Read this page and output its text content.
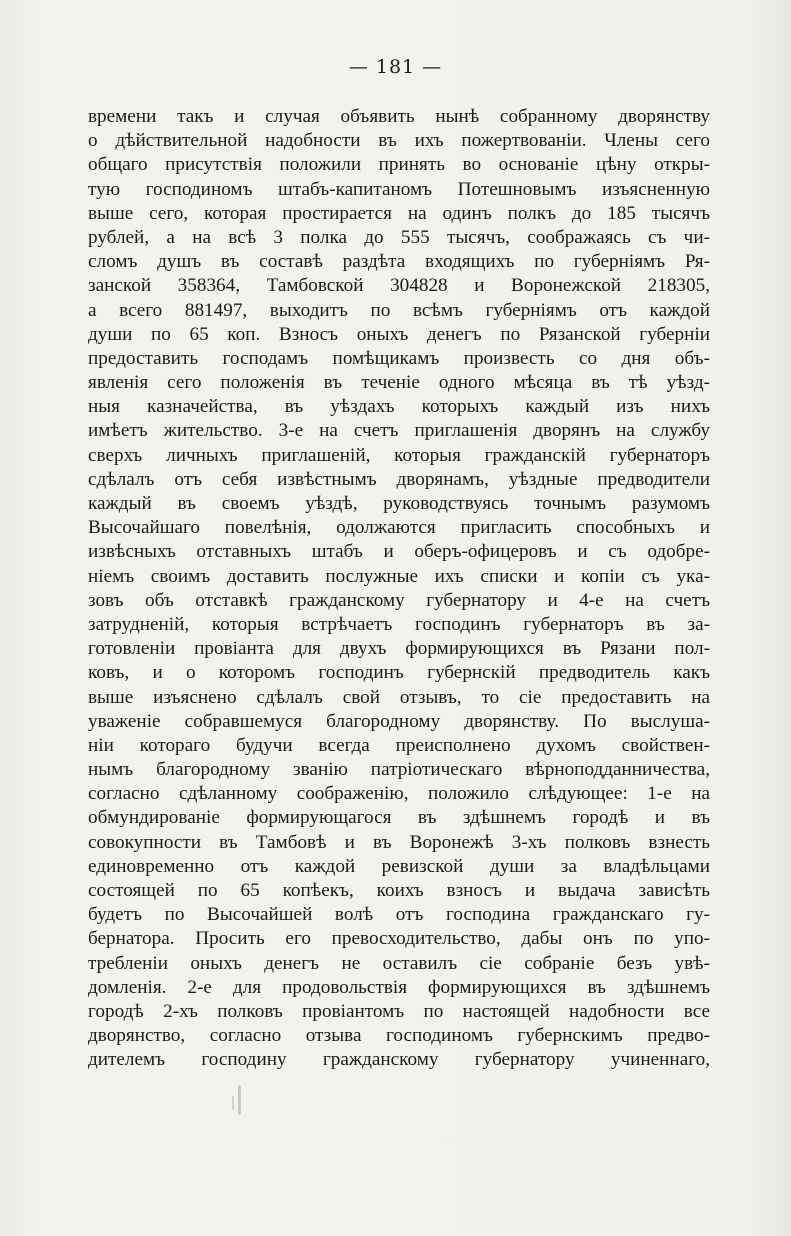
— 181 —
времени такъ и случая объявить нынѣ собранному дворянству
о дѣйствительной надобности въ ихъ пожертвованіи. Члены сего
общаго присутствія положили принять во основаніе цѣну откры-
тую господиномъ штабъ-капитаномъ Потешновымъ изъясненную
выше сего, которая простирается на одинъ полкъ до 185 тысячъ
рублей, а на всѣ 3 полка до 555 тысячъ, соображаясь съ чи-
сломъ душъ въ составѣ раздѣта входящихъ по губерніямъ Ря-
занской 358364, Тамбовской 304828 и Воронежской 218305,
а всего 881497, выходитъ по всѣмъ губерніямъ отъ каждой
души по 65 коп. Взносъ оныхъ денегъ по Рязанской губерніи
предоставить господамъ помѣщикамъ произвесть со дня объ-
явленія сего положенія въ теченіе одного мѣсяца въ тѣ уѣзд-
ныя казначейства, въ уѣздахъ которыхъ каждый изъ нихъ
имѣетъ жительство. 3-е на счетъ приглашенія дворянъ на службу
сверхъ личныхъ приглашеній, которыя гражданскій губернаторъ
сдѣлалъ отъ себя извѣстнымъ дворянамъ, уѣздные предводители
каждый въ своемъ уѣздѣ, руководствуясь точнымъ разумомъ
Высочайшаго повелѣнія, одолжаются пригласить способныхъ и
извѣсныхъ отставныхъ штабъ и оберъ-офицеровъ и съ одобре-
ніемъ своимъ доставить послужные ихъ списки и копіи съ ука-
зовъ объ отставкѣ гражданскому губернатору и 4-е на счетъ
затрудненій, которыя встрѣчаетъ господинъ губернаторъ въ за-
готовленіи провіанта для двухъ формирующихся въ Рязани пол-
ковъ, и о которомъ господинъ губернскій предводитель какъ
выше изъяснено сдѣлалъ свой отзывъ, то сіе предоставить на
уваженіе собравшемуся благородному дворянству. По выслуша-
ніи котораго будучи всегда преисполнено духомъ свойствен-
нымъ благородному званію патріотическаго вѣрноподданничества,
согласно сдѣланному соображенію, положило слѣдующее: 1-е на
обмундированіе формирующагося въ здѣшнемъ городѣ и въ
совокупности въ Тамбовѣ и въ Воронежѣ 3-хъ полковъ взнесть
единовременно отъ каждой ревизской души за владѣльцами
состоящей по 65 копѣекъ, коихъ взносъ и выдача зависѣть
будетъ по Высочайшей волѣ отъ господина гражданскаго гу-
бернатора. Просить его превосходительство, дабы онъ по упо-
требленіи оныхъ денегъ не оставилъ сіе собраніе безъ увѣ-
домленія. 2-е для продовольствія формирующихся въ здѣшнемъ
городѣ 2-хъ полковъ провіантомъ по настоящей надобности все
дворянство, согласно отзыва господиномъ губернскимъ предво-
дителемъ господину гражданскому губернатору учиненнаго,
